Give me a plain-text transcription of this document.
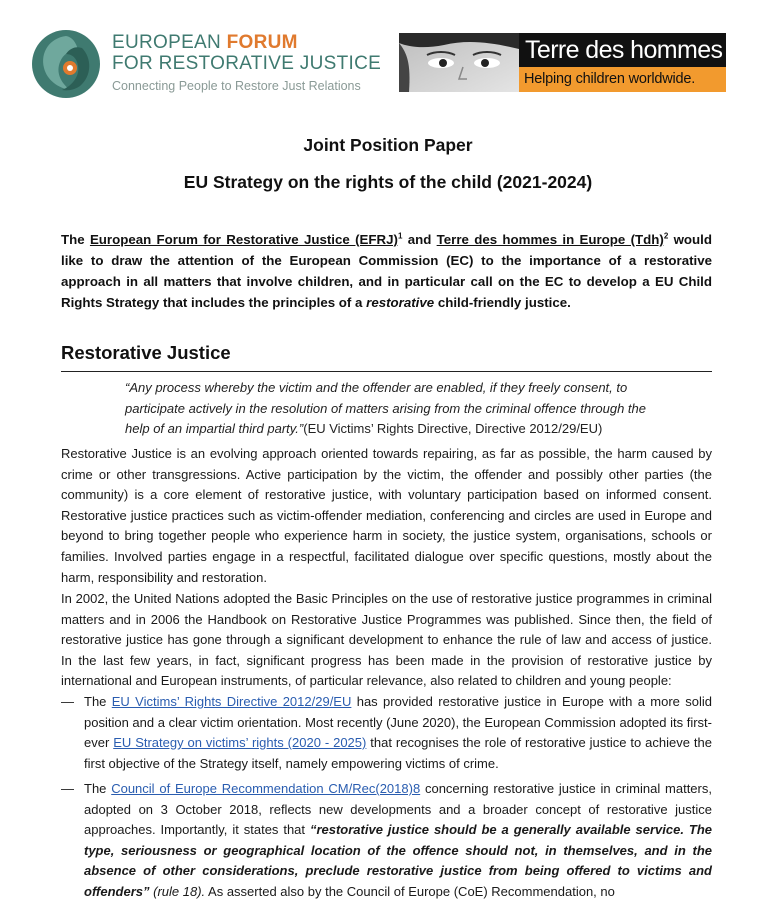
EUROPEAN FORUM
FOR RESTORATIVE JUSTICE
Connecting People to Restore Just Relations
Terre des hommes
Helping children worldwide.
Joint Position Paper
EU Strategy on the rights of the child (2021-2024)
The European Forum for Restorative Justice (EFRJ)$^1$ and Terre des hommes in Europe (Tdh)$^2$ would like to draw the attention of the European Commission (EC) to the importance of a restorative approach in all matters that involve children, and in particular call on the EC to develop a EU Child Rights Strategy that includes the principles of a restorative child-friendly justice.
Restorative Justice
“Any process whereby the victim and the offender are enabled, if they freely consent, to participate actively in the resolution of matters arising from the criminal offence through the help of an impartial third party.”(EU Victims’ Rights Directive, Directive 2012/29/EU)
Restorative Justice is an evolving approach oriented towards repairing, as far as possible, the harm caused by crime or other transgressions. Active participation by the victim, the offender and possibly other parties (the community) is a core element of restorative justice, with voluntary participation based on informed consent. Restorative justice practices such as victim-offender mediation, conferencing and circles are used in Europe and beyond to bring together people who experience harm in society, the justice system, organisations, schools or families. Involved parties engage in a respectful, facilitated dialogue over specific questions, mostly about the harm, responsibility and restoration.
In 2002, the United Nations adopted the Basic Principles on the use of restorative justice programmes in criminal matters and in 2006 the Handbook on Restorative Justice Programmes was published. Since then, the field of restorative justice has gone through a significant development to enhance the rule of law and access of justice. In the last few years, in fact, significant progress has been made in the provision of restorative justice by international and European instruments, of particular relevance, also related to children and young people:
— The EU Victims’ Rights Directive 2012/29/EU has provided restorative justice in Europe with a more solid position and a clear victim orientation. Most recently (June 2020), the European Commission adopted its first-ever EU Strategy on victims’ rights (2020 - 2025) that recognises the role of restorative justice to achieve the first objective of the Strategy itself, namely empowering victims of crime.
— The Council of Europe Recommendation CM/Rec(2018)8 concerning restorative justice in criminal matters, adopted on 3 October 2018, reflects new developments and a broader concept of restorative justice approaches. Importantly, it states that “restorative justice should be a generally available service. The type, seriousness or geographical location of the offence should not, in themselves, and in the absence of other considerations, preclude restorative justice from being offered to victims and offenders” (rule 18). As asserted also by the Council of Europe (CoE) Recommendation, no
